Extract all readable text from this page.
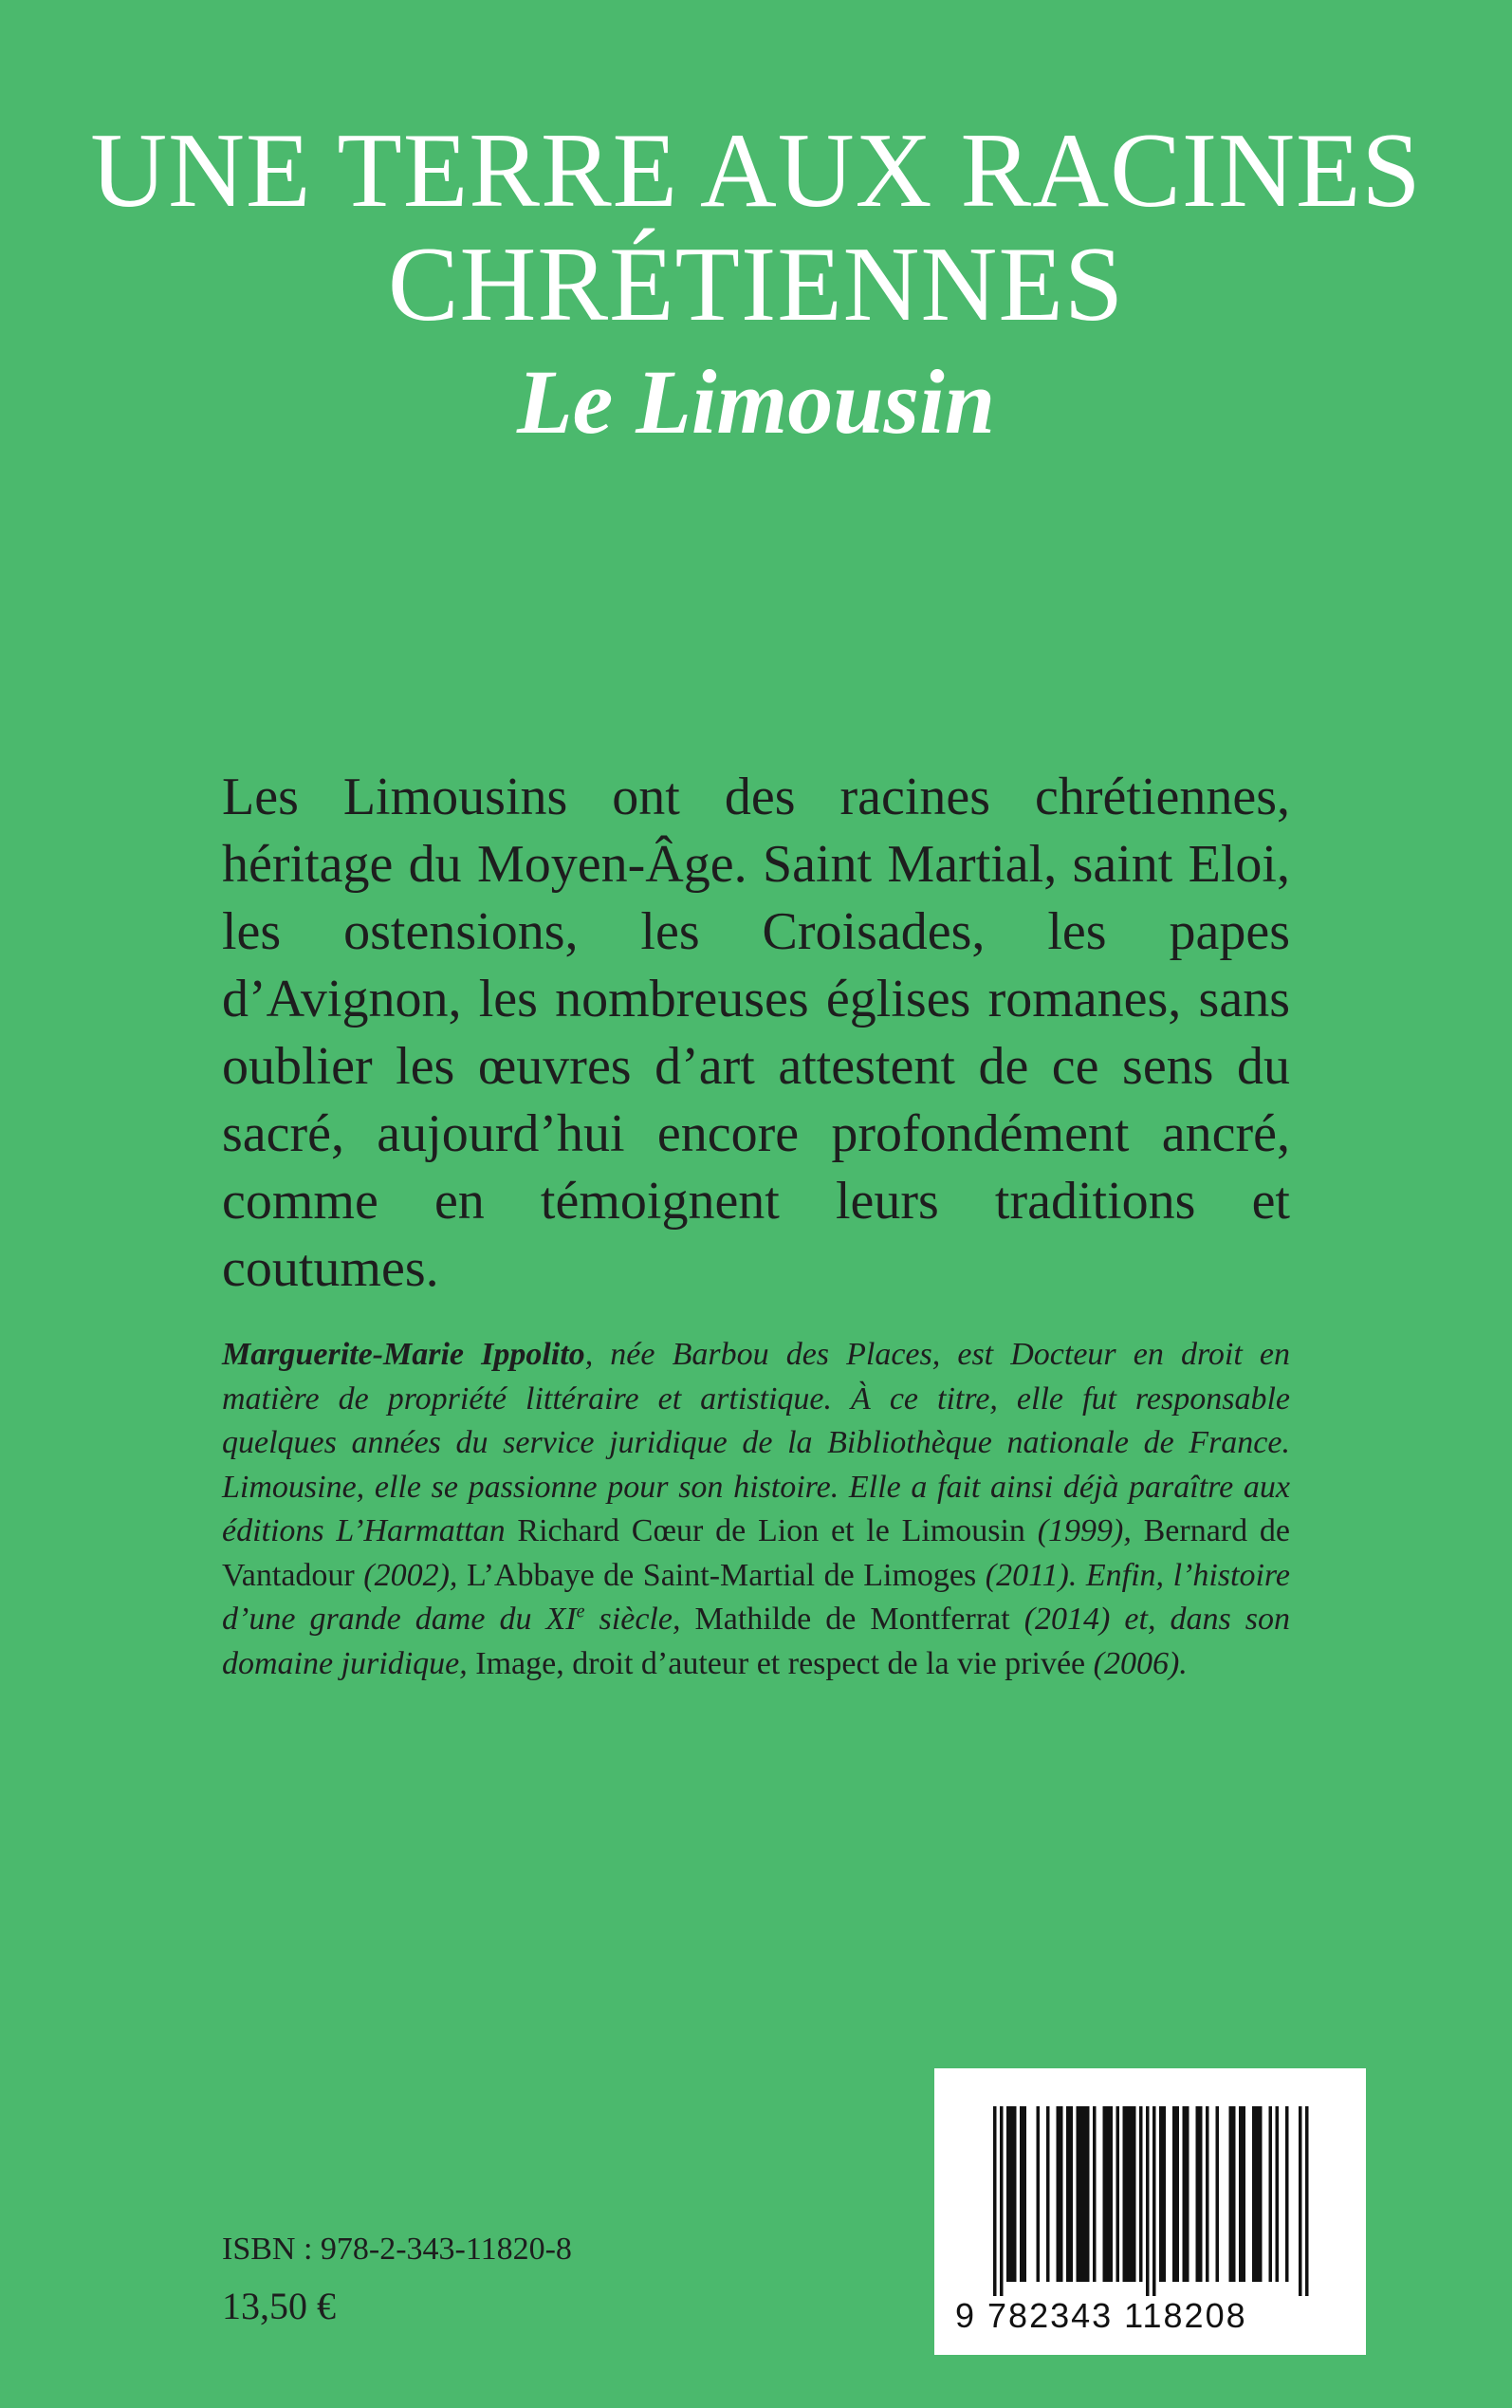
UNE TERRE AUX RACINES
CHRÉTIENNES
Le Limousin
Les Limousins ont des racines chrétiennes, héritage du Moyen-Âge. Saint Martial, saint Eloi, les ostensions, les Croisades, les papes d’Avignon, les nombreuses églises romanes, sans oublier les œuvres d’art attestent de ce sens du sacré, aujourd’hui encore profondément ancré, comme en témoignent leurs traditions et coutumes.
Marguerite-Marie Ippolito, née Barbou des Places, est Docteur en droit en matière de propriété littéraire et artistique. À ce titre, elle fut responsable quelques années du service juridique de la Bibliothèque nationale de France. Limousine, elle se passionne pour son histoire. Elle a fait ainsi déjà paraître aux éditions L’Harmattan Richard Cœur de Lion et le Limousin (1999), Bernard de Vantadour (2002), L’Abbaye de Saint-Martial de Limoges (2011). Enfin, l’histoire d’une grande dame du XIe siècle, Mathilde de Montferrat (2014) et, dans son domaine juridique, Image, droit d’auteur et respect de la vie privée (2006).
ISBN : 978-2-343-11820-8
13,50 €	9 782343 118208
